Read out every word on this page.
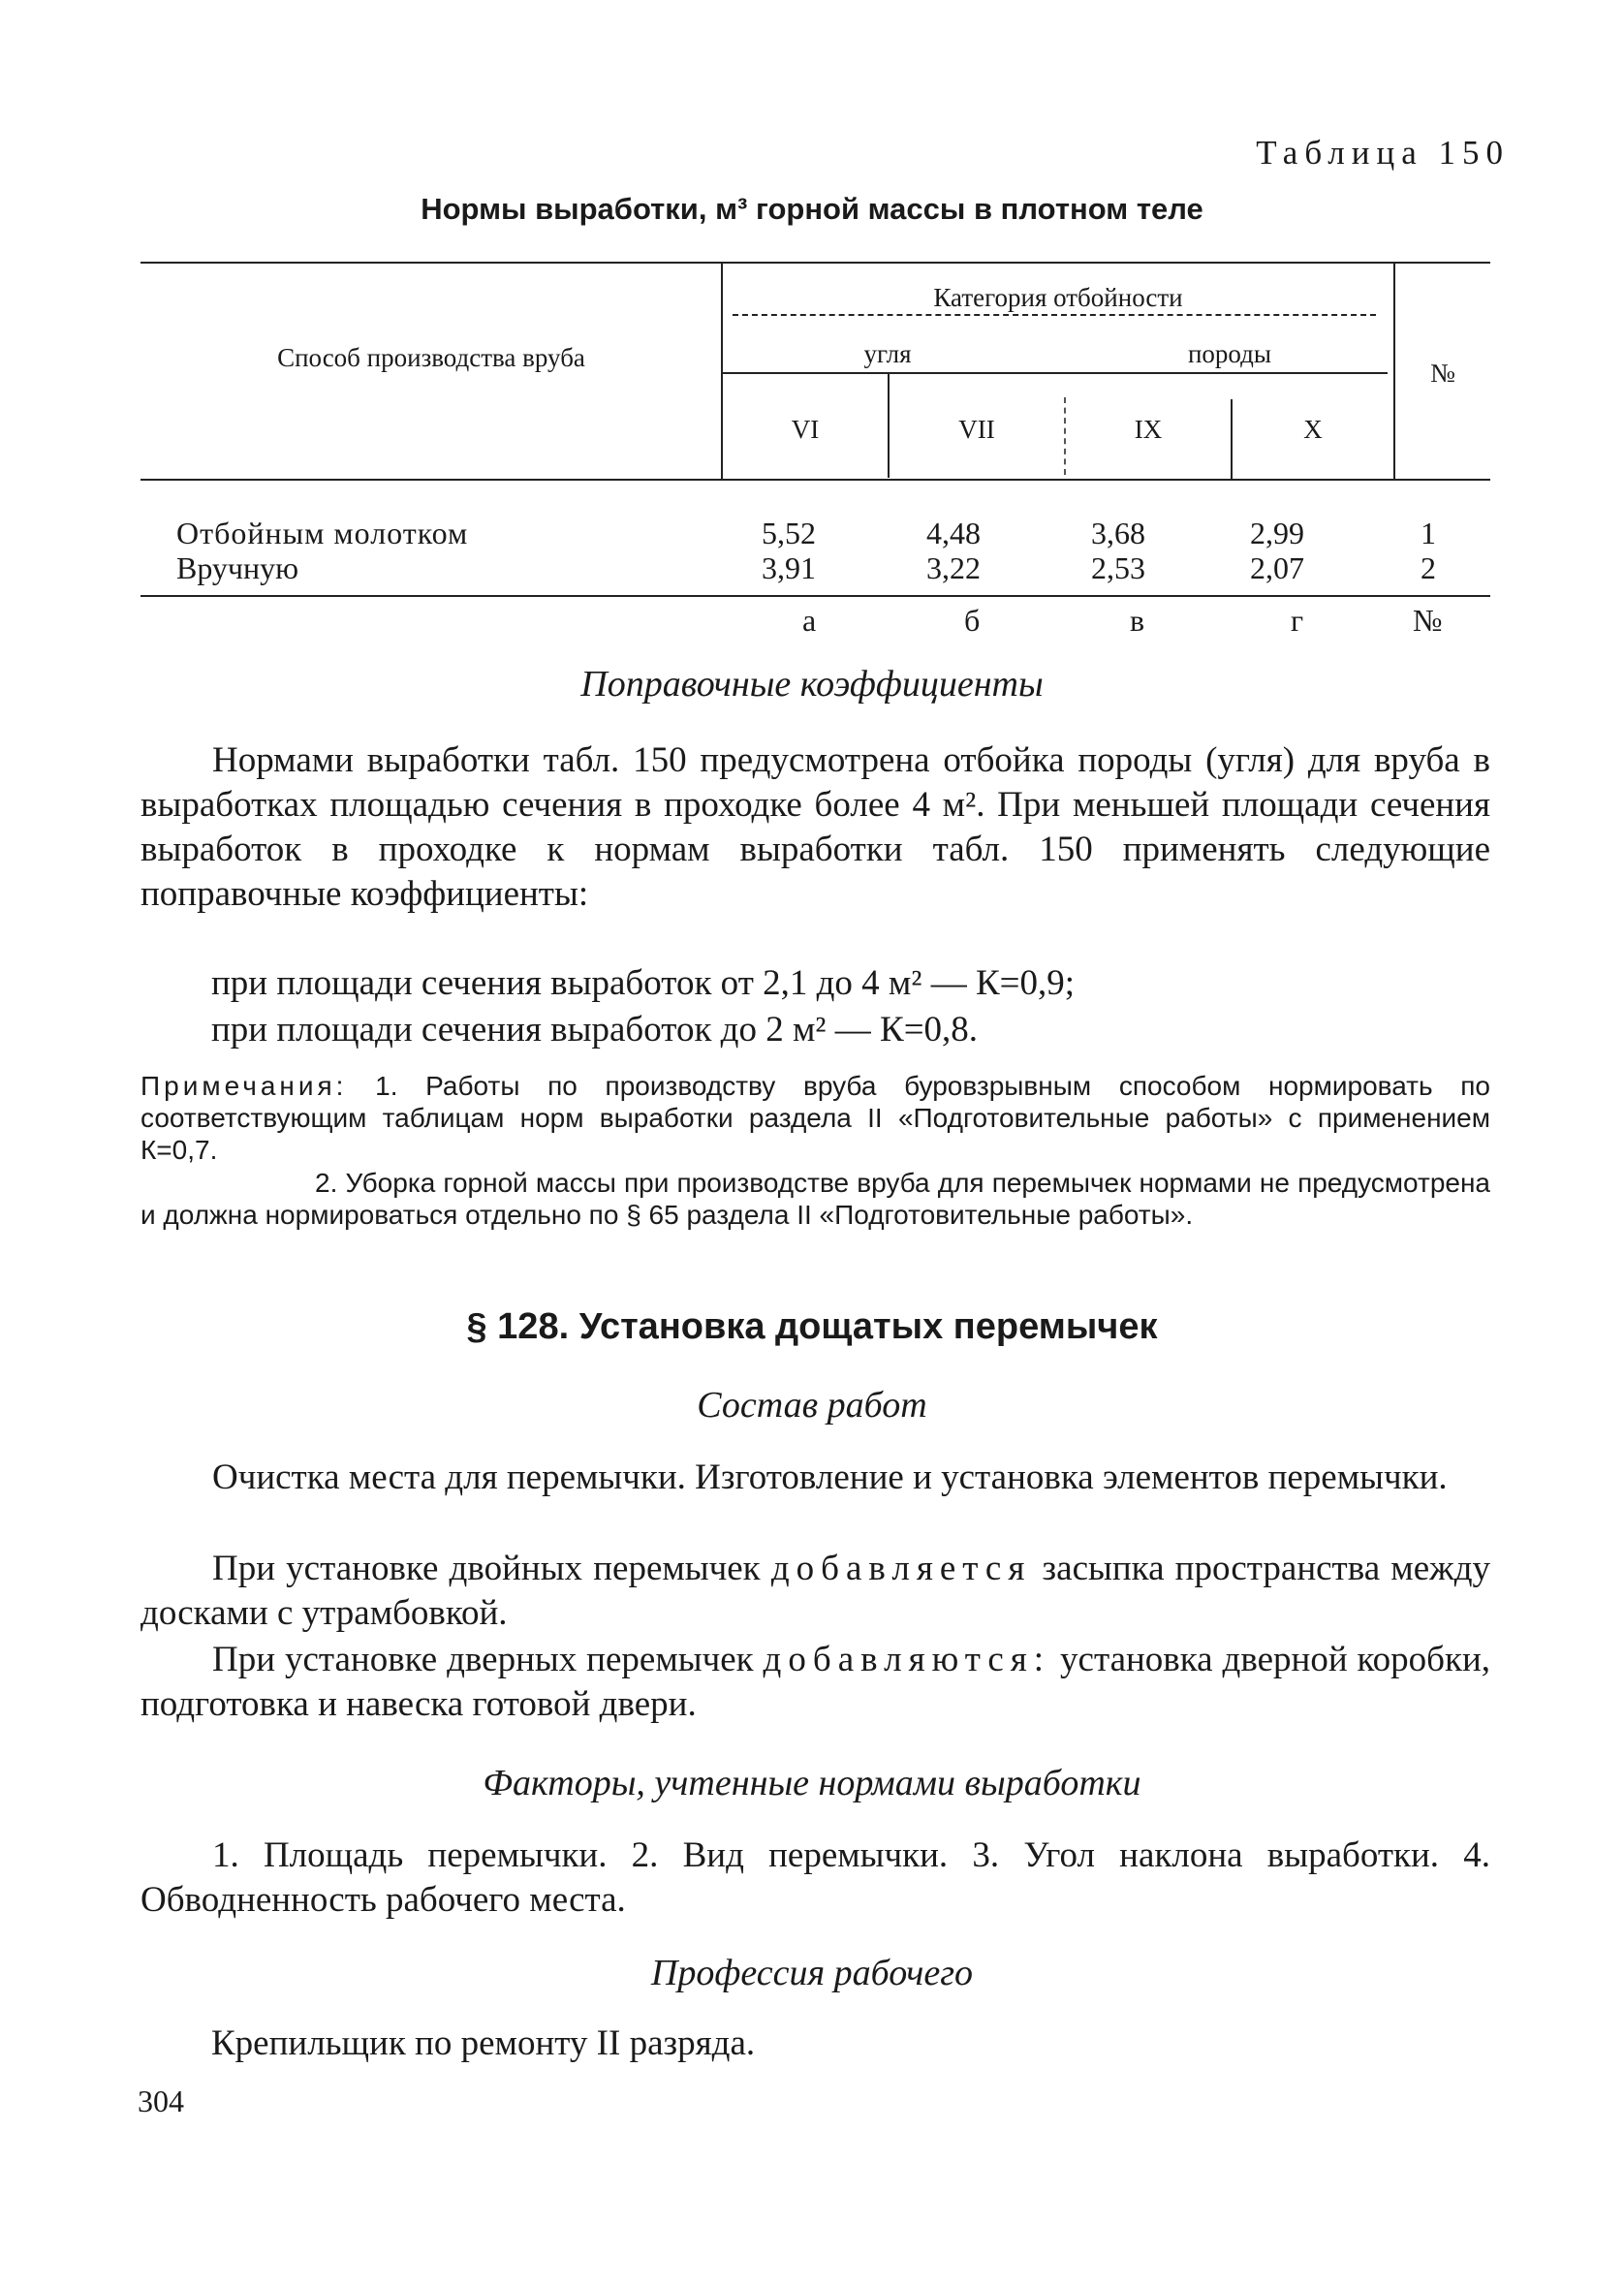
Таблица 150
Нормы выработки, м³ горной массы в плотном теле
Способ производства вруба
Категория отбойности
угля	породы
VI	VII	IX	X
№
Отбойным молотком	5,52	4,48	3,68	2,99	1
Вручную	3,91	3,22	2,53	2,07	2
а	б	в	г	№
Поправочные коэффициенты
Нормами выработки табл. 150 предусмотрена отбойка породы (угля) для вруба в выработках площадью сечения в проходке более 4 м². При меньшей площади сечения выработок в проходке к нормам выработки табл. 150 применять следующие поправочные коэффициенты:
при площади сечения выработок от 2,1 до 4 м² — К=0,9;
при площади сечения выработок до 2 м² — К=0,8.
Примечания: 1. Работы по производству вруба буровзрывным способом нормировать по соответствующим таблицам норм выработки раздела II «Подготовительные работы» с применением К=0,7.
2. Уборка горной массы при производстве вруба для перемычек нормами не предусмотрена и должна нормироваться отдельно по § 65 раздела II «Подготовительные работы».
§ 128. Установка дощатых перемычек
Состав работ
Очистка места для перемычки. Изготовление и установка элементов перемычки.
При установке двойных перемычек добавляется засыпка пространства между досками с утрамбовкой.
При установке дверных перемычек добавляются: установка дверной коробки, подготовка и навеска готовой двери.
Факторы, учтенные нормами выработки
1. Площадь перемычки. 2. Вид перемычки. 3. Угол наклона выработки. 4. Обводненность рабочего места.
Профессия рабочего
Крепильщик по ремонту II разряда.
304
